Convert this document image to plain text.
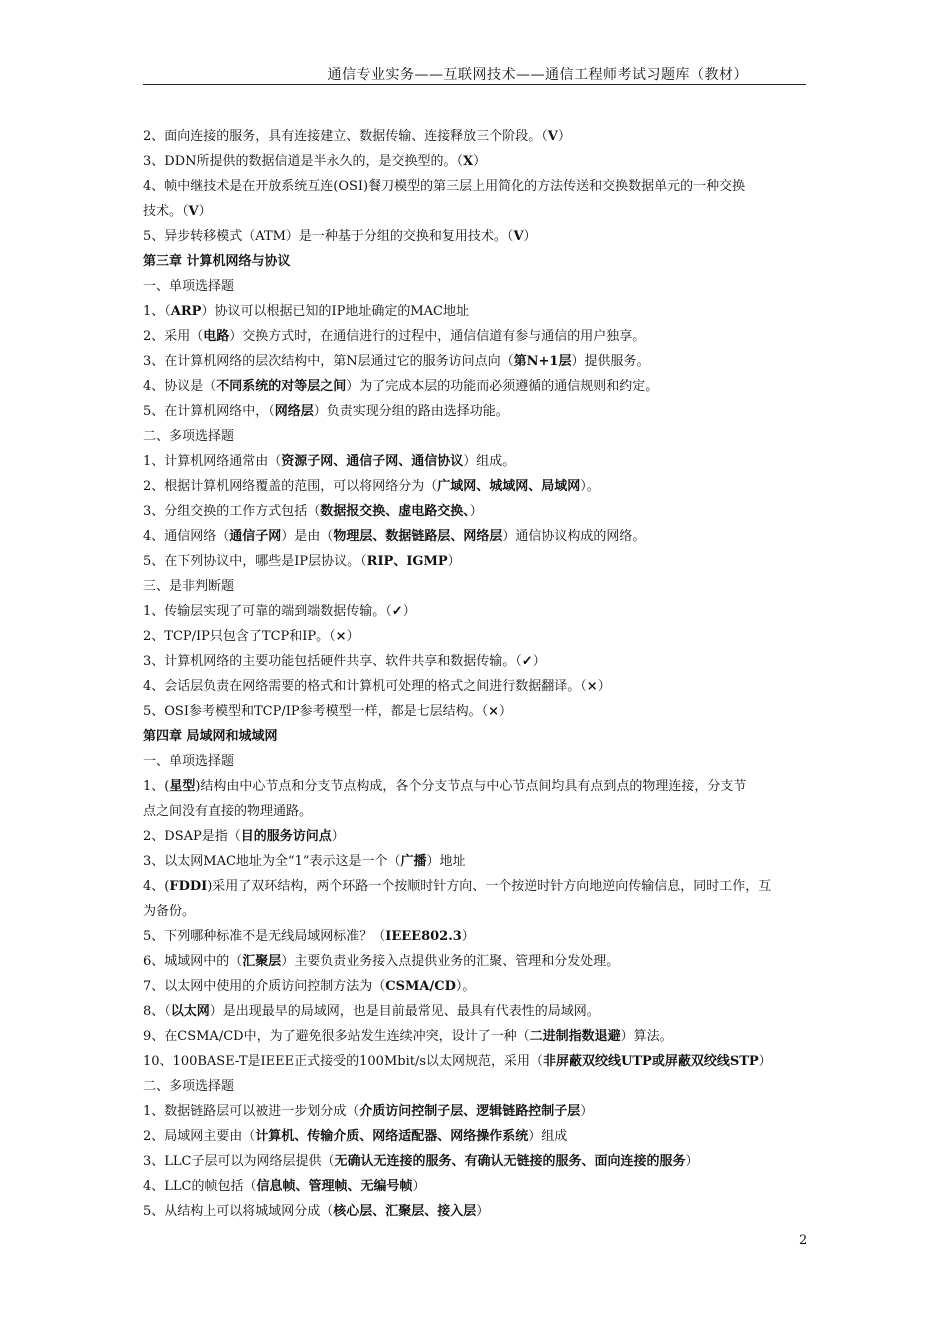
通信专业实务——互联网技术——通信工程师考试习题库（教材）
2、面向连接的服务，具有连接建立、数据传输、连接释放三个阶段。（V）
3、DDN所提供的数据信道是半永久的，是交换型的。（X）
4、帧中继技术是在开放系统互连(OSI)餐刀模型的第三层上用简化的方法传送和交换数据单元的一种交换
技术。（V）
5、异步转移模式（ATM）是一种基于分组的交换和复用技术。（V）
第三章 计算机网络与协议
一、单项选择题
1、（ARP）协议可以根据已知的IP地址确定的MAC地址
2、采用（电路）交换方式时，在通信进行的过程中，通信信道有参与通信的用户独享。
3、在计算机网络的层次结构中，第N层通过它的服务访问点向（第N+1层）提供服务。
4、协议是（不同系统的对等层之间）为了完成本层的功能而必须遵循的通信规则和约定。
5、在计算机网络中，（网络层）负责实现分组的路由选择功能。
二、多项选择题
1、计算机网络通常由（资源子网、通信子网、通信协议）组成。
2、根据计算机网络覆盖的范围，可以将网络分为（广域网、城域网、局域网）。
3、分组交换的工作方式包括（数据报交换、虚电路交换、）
4、通信网络（通信子网）是由（物理层、数据链路层、网络层）通信协议构成的网络。
5、在下列协议中，哪些是IP层协议。（RIP、IGMP）
三、是非判断题
1、传输层实现了可靠的端到端数据传输。（✓）
2、TCP/IP只包含了TCP和IP。（×）
3、计算机网络的主要功能包括硬件共享、软件共享和数据传输。（✓）
4、会话层负责在网络需要的格式和计算机可处理的格式之间进行数据翻译。（×）
5、OSI参考模型和TCP/IP参考模型一样，都是七层结构。（×）
第四章 局域网和城域网
一、单项选择题
1、(星型)结构由中心节点和分支节点构成，各个分支节点与中心节点间均具有点到点的物理连接，分支节
点之间没有直接的物理通路。
2、DSAP是指（目的服务访问点）
3、以太网MAC地址为全“1”表示这是一个（广播）地址
4、(FDDI)采用了双环结构，两个环路一个按顺时针方向、一个按逆时针方向地逆向传输信息，同时工作，互
为备份。
5、下列哪种标准不是无线局域网标准？（IEEE802.3）
6、城域网中的（汇聚层）主要负责业务接入点提供业务的汇聚、管理和分发处理。
7、以太网中使用的介质访问控制方法为（CSMA/CD）。
8、（以太网）是出现最早的局域网，也是目前最常见、最具有代表性的局域网。
9、在CSMA/CD中，为了避免很多站发生连续冲突，设计了一种（二进制指数退避）算法。
10、100BASE-T是IEEE正式接受的100Mbit/s以太网规范，采用（非屏蔽双绞线UTP或屏蔽双绞线STP）
二、多项选择题
1、数据链路层可以被进一步划分成（介质访问控制子层、逻辑链路控制子层）
2、局域网主要由（计算机、传输介质、网络适配器、网络操作系统）组成
3、LLC子层可以为网络层提供（无确认无连接的服务、有确认无链接的服务、面向连接的服务）
4、LLC的帧包括（信息帧、管理帧、无编号帧）
5、从结构上可以将城域网分成（核心层、汇聚层、接入层）
2
